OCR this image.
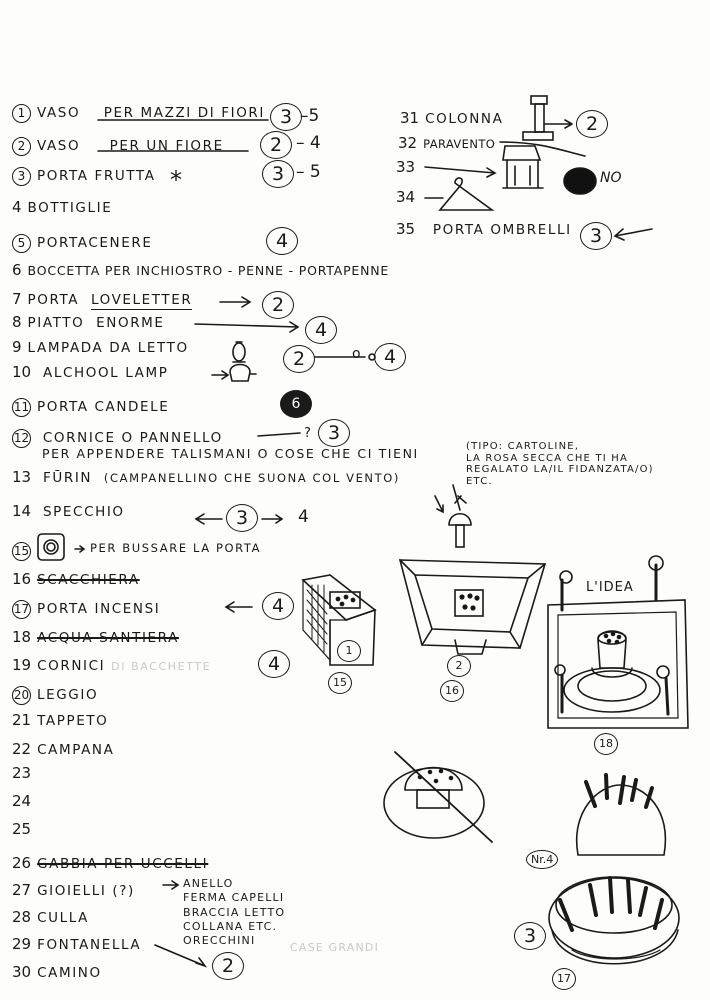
1 VASO PER MAZZI DI FIORI 3 –5
2 VASO PER UN FIORE	2 – 4
3 PORTA FRUTTA *	3 – 5
4 BOTTIGLIE
5 PORTACENERE	4
6 BOCCETTA PER INCHIOSTRO - PENNE - PORTAPENNE
7 PORTA LOVELETTER	2
8 PIATTO ENORME	4
9 LAMPADA DA LETTO	2	o	4
10 ALCHOOL LAMP
11 PORTA CANDELE	6
12 CORNICE O PANNELLO	? 3
PER APPENDERE TALISMANI O COSE CHE CI TIENI	(TIPO: CARTOLINE,
LA ROSA SECCA CHE TI HA
REGALATO LA/IL FIDANZATA/O)
ETC.
13 FŪRIN (CAMPANELLINO CHE SUONA COL VENTO)
14 SPECCHIO	3	4
15	PER BUSSARE LA PORTA
16 SCACCHIERA
17 PORTA INCENSI	4
18 ACQUA SANTIERA
19 CORNICI DI BACCHETTE	4
20 LEGGIO
21 TAPPETO
22 CAMPANA
23
24
25
26 GABBIA PER UCCELLI
27 GIOIELLI (?)	ANELLO
FERMA CAPELLI
BRACCIA LETTO
COLLANA ETC.
ORECCHINI
28 CULLA
29 FONTANELLA	CASE GRANDI
30 CAMINO	2
31 COLONNA	2
32 PARAVENTO
33
NO
34
35 PORTA OMBRELLI 3
1
15
2
16
L'IDEA
18
Nr.4
3
17
